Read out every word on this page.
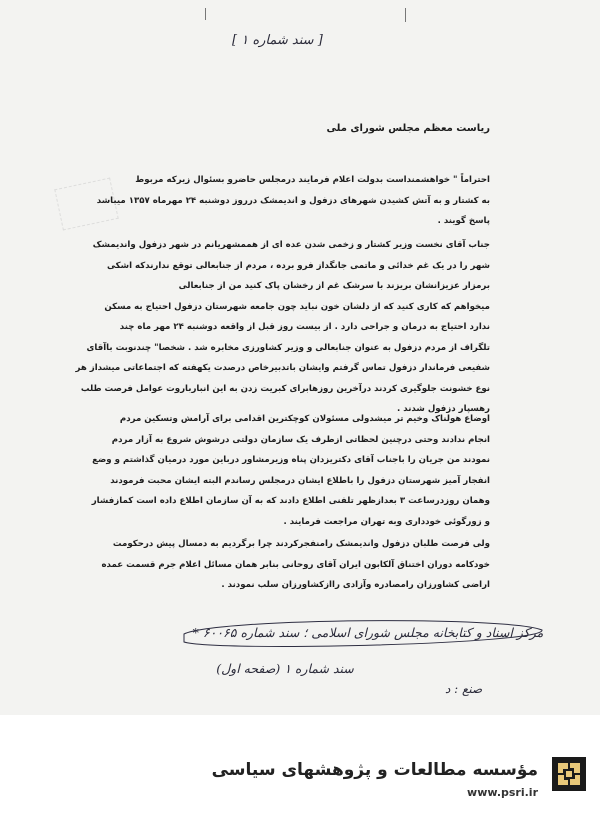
[ سند شماره ۱ ]
ریاست معظم مجلس شورای ملی
احتراماً " خواهشمنداست بدولت اعلام فرمایند درمجلس حاضرو بسئوال زیرکه مربوط
به کشتار و به آتش کشیدن شهرهای دزفول و اندیمشک درروز دوشنبه ۲۴ مهرماه ۱۳۵۷ میباشد
پاسخ گویند .
جناب آقای نخست وزیر کشتار و زخمی شدن عده ای از هممشهریانم در شهر دزفول واندیمشک
شهر را در یک غم خدائی و ماتمی جانگداز فرو برده ، مردم از جنابعالی توقع ندارندکه اشکی
برمزار عزیزانشان بریزند با سرشک غم از رخشان پاک کنید من از جنابعالی
میخواهم که کاری کنید که از دلشان خون نباید چون جامعه شهرستان دزفول احتیاج به مسکن
ندارد احتیاج به درمان و جراحی دارد . از بیست روز قبل از واقعه دوشنبه ۲۴ مهر ماه چند
تلگراف از مردم دزفول به عنوان جنابعالی و وزیر کشاورزی مخابره شد . شخصا" چندنوبت باآقای
شفیعی فرماندار دزفول تماس گرفتم وایشان باتدبیرخاص درصدت یکهفته که اجتماعاتی میشداز هر
نوع خشونت جلوگیری کردند درآخرین روزهابرای کبریت زدن به این انبارباروت عوامل فرصت طلب
رهسپار دزفول شدند .
اوضاع هولناک وخیم تر میشدولی مسئولان کوچکترین اقدامی برای آرامش وتسکین مردم
انجام ندادند وحتی درچنین لحظاتی ازطرف یک سازمان دولتی درشوش شروع به آزار مردم
نمودند من جریان را باجناب آقای دکتریزدان پناه وزیرمشاور درباین مورد درمیان گذاشتم و وضع
انفجار آمیز شهرستان دزفول را باطلاع ایشان درمجلس رساندم البته ایشان محبت فرمودند
وهمان روزدرساعت ۳ بعدازظهر تلفنی اطلاع دادند که به آن سازمان اطلاع داده است کمازفشار
و زورگوئی خودداری وبه تهران مراجعت فرمایند .
ولی فرصت طلبان دزفول واندیمشک رامنفجرکردند چرا برگردیم به دمسال پیش درحکومت
خودکامه دوران اختناق آلکابون ایران آقای روحانی بنابر همان مسائل اعلام جرم قسمت عمده
اراضی کشاورزان رامصادره وآزادی راازکشاورزان سلب نمودند .
مرکز اسناد و کتابخانه مجلس شورای اسلامی ؛ سند شماره ۶۰۰۶۵ *
سند شماره ۱ (صفحه اول)
صنع : د
مؤسسه مطالعات و پژوهشهای سیاسی
www.psri.ir
